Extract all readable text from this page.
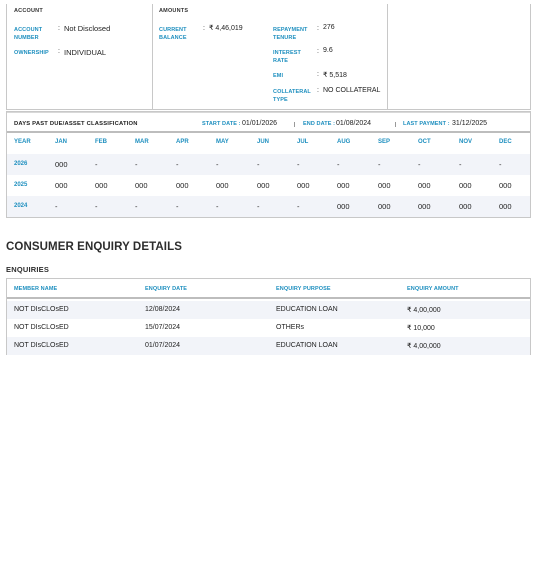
ACCOUNT
ACCOUNT
NUMBER
: Not Disclosed
OWNERSHIP : INDIVIDUAL
AMOUNTS
CURRENT
BALANCE
: ₹ 4,46,019	REPAYMENT
TENURE
: 276
INTEREST
RATE
: 9.6
EMI	: ₹ 5,518
COLLATERAL
TYPE
: NO COLLATERAL
DAYS PAST DUE/ASSET CLASSIFICATION	START DATE : 01/01/2026	END DATE : 01/08/2024	LAST PAYMENT : 31/12/2025
YEAR	JAN	FEB	MAR	APR	MAY	JUN	JUL	AUG	SEP	OCT	NOV	DEC
2026	000	-	-	-	-	-	-	-	-	-	-	-
2025	000	000	000	000	000	000	000	000	000	000	000	000
2024	-	-	-	-	-	-	-	000	000	000	000	000
CONSUMER ENQUIRY DETAILS
ENQUIRIES
MEMBER NAME	ENQUIRY DATE	ENQUIRY PURPOSE	ENQUIRY AMOUNT
NOT DIsCLOsED	12/08/2024	EDUCATION LOAN	₹ 4,00,000
NOT DIsCLOsED	15/07/2024	OTHERs	₹ 10,000
NOT DIsCLOsED	01/07/2024	EDUCATION LOAN	₹ 4,00,000
